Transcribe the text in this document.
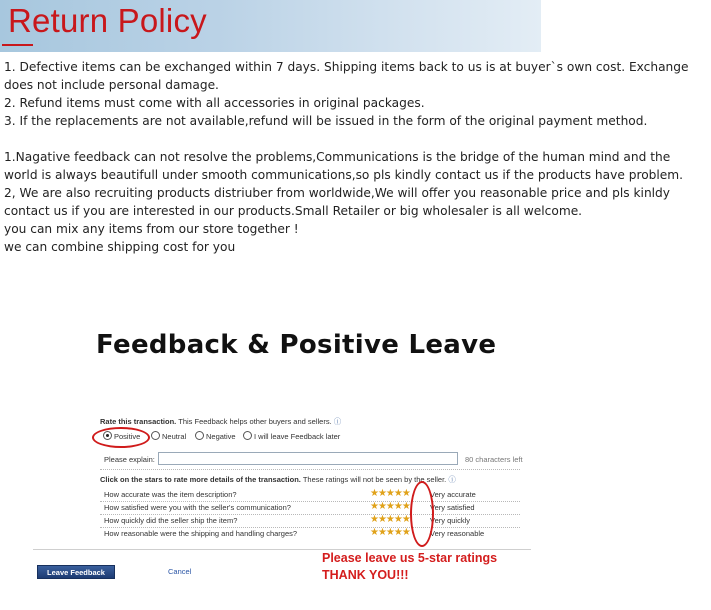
Return Policy

1. Defective items can be exchanged within 7 days. Shipping items back to us is at buyer`s own cost. Exchange

does not include personal damage.

2. Refund items must come with all accessories in original packages.

3. If the replacements are not available,refund will be issued in the form of the original payment method.

1.Nagative feedback can not resolve the problems,Communications is the bridge of the human mind and the

world is always beautifull under smooth communications,so pls kindly contact us if the products have problem.

2, We are also recruiting products distriuber from worldwide,We will offer you reasonable price and pls kinldy

contact us if you are interested in our products.Small Retailer or big wholesaler is all welcome.

you can mix any items from our store together !

we can combine shipping cost for you

Feedback & Positive Leave
Rate this transaction. This Feedback helps other buyers and sellers. ⓘ
Positive	Neutral	Negative	I will leave Feedback later
Please explain:	80 characters left
Click on the stars to rate more details of the transaction. These ratings will not be seen by the seller. ⓘ
How accurate was the item description?	★★★★★	Very accurate
How satisfied were you with the seller's communication?	★★★★★	Very satisfied
How quickly did the seller ship the item?	★★★★★	Very quickly
How reasonable were the shipping and handling charges?	★★★★★	Very reasonable
Leave Feedback	Cancel
Please leave us 5-star ratings
THANK YOU!!!
